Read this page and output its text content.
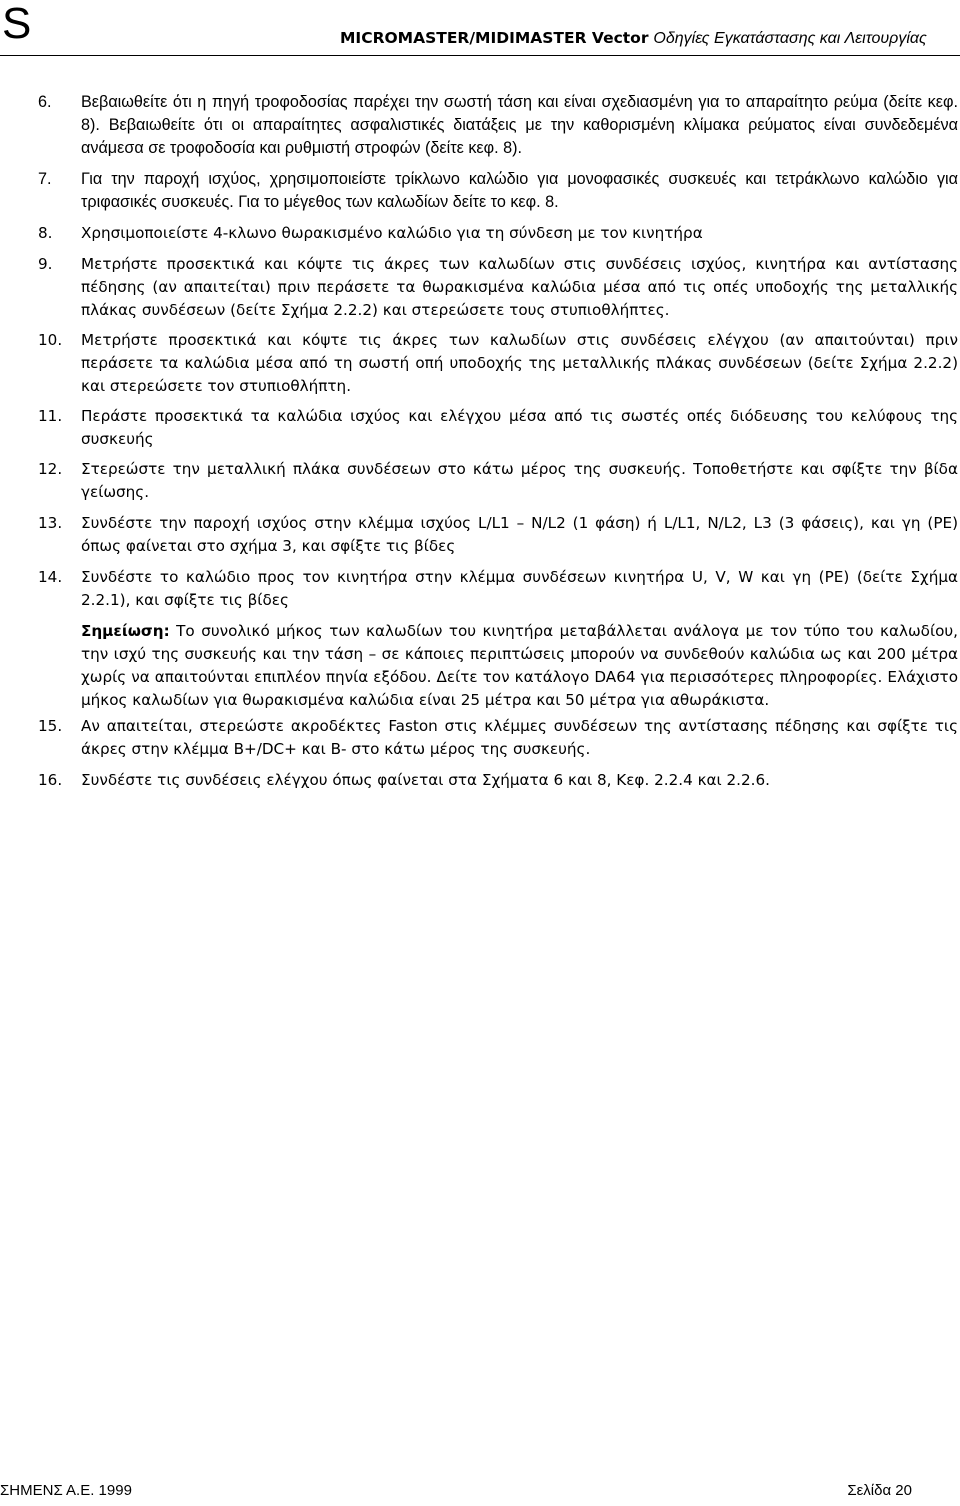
S	MICROMASTER/MIDIMASTER Vector Οδηγίες Εγκατάστασης και Λειτουργίας
6. Βεβαιωθείτε ότι η πηγή τροφοδοσίας παρέχει την σωστή τάση και είναι σχεδιασμένη για το απαραίτητο ρεύμα (δείτε κεφ. 8). Βεβαιωθείτε ότι οι απαραίτητες ασφαλιστικές διατάξεις με την καθορισμένη κλίμακα ρεύματος είναι συνδεδεμένα ανάμεσα σε τροφοδοσία και ρυθμιστή στροφών (δείτε κεφ. 8).
7. Για την παροχή ισχύος, χρησιμοποιείστε τρίκλωνο καλώδιο για μονοφασικές συσκευές και τετράκλωνο καλώδιο για τριφασικές συσκευές. Για το μέγεθος των καλωδίων δείτε το κεφ. 8.
8. Χρησιμοποιείστε 4-κλωνο θωρακισμένο καλώδιο για τη σύνδεση με τον κινητήρα
9. Μετρήστε προσεκτικά και κόψτε τις άκρες των καλωδίων στις συνδέσεις ισχύος, κινητήρα και αντίστασης πέδησης (αν απαιτείται) πριν περάσετε τα θωρακισμένα καλώδια μέσα από τις οπές υποδοχής της μεταλλικής πλάκας συνδέσεων (δείτε Σχήμα 2.2.2) και στερεώσετε τους στυπιοθλήπτες.
10. Μετρήστε προσεκτικά και κόψτε τις άκρες των καλωδίων στις συνδέσεις ελέγχου (αν απαιτούνται) πριν περάσετε τα καλώδια μέσα από τη σωστή οπή υποδοχής της μεταλλικής πλάκας συνδέσεων (δείτε Σχήμα 2.2.2) και στερεώσετε τον στυπιοθλήπτη.
11. Περάστε προσεκτικά τα καλώδια ισχύος και ελέγχου μέσα από τις σωστές οπές διόδευσης του κελύφους της συσκευής
12. Στερεώστε την μεταλλική πλάκα συνδέσεων στο κάτω μέρος της συσκευής. Τοποθετήστε και σφίξτε την βίδα γείωσης.
13. Συνδέστε την παροχή ισχύος στην κλέμμα ισχύος L/L1 – N/L2 (1 φάση) ή L/L1, N/L2, L3 (3 φάσεις), και γη (PE) όπως φαίνεται στο σχήμα 3, και σφίξτε τις βίδες
14. Συνδέστε το καλώδιο προς τον κινητήρα στην κλέμμα συνδέσεων κινητήρα U, V, W και γη (PE) (δείτε Σχήμα 2.2.1), και σφίξτε τις βίδες
Σημείωση: Το συνολικό μήκος των καλωδίων του κινητήρα μεταβάλλεται ανάλογα με τον τύπο του καλωδίου, την ισχύ της συσκευής και την τάση – σε κάποιες περιπτώσεις μπορούν να συνδεθούν καλώδια ως και 200 μέτρα χωρίς να απαιτούνται επιπλέον πηνία εξόδου. Δείτε τον κατάλογο DA64 για περισσότερες πληροφορίες. Ελάχιστο μήκος καλωδίων για θωρακισμένα καλώδια είναι 25 μέτρα και 50 μέτρα για αθωράκιστα.
15. Αν απαιτείται, στερεώστε ακροδέκτες Faston στις κλέμμες συνδέσεων της αντίστασης πέδησης και σφίξτε τις άκρες στην κλέμμα B+/DC+ και B- στο κάτω μέρος της συσκευής.
16. Συνδέστε τις συνδέσεις ελέγχου όπως φαίνεται στα Σχήματα 6 και 8, Κεφ. 2.2.4 και 2.2.6.
ΣΗΜΕΝΣ Α.Ε. 1999	Σελίδα 20
